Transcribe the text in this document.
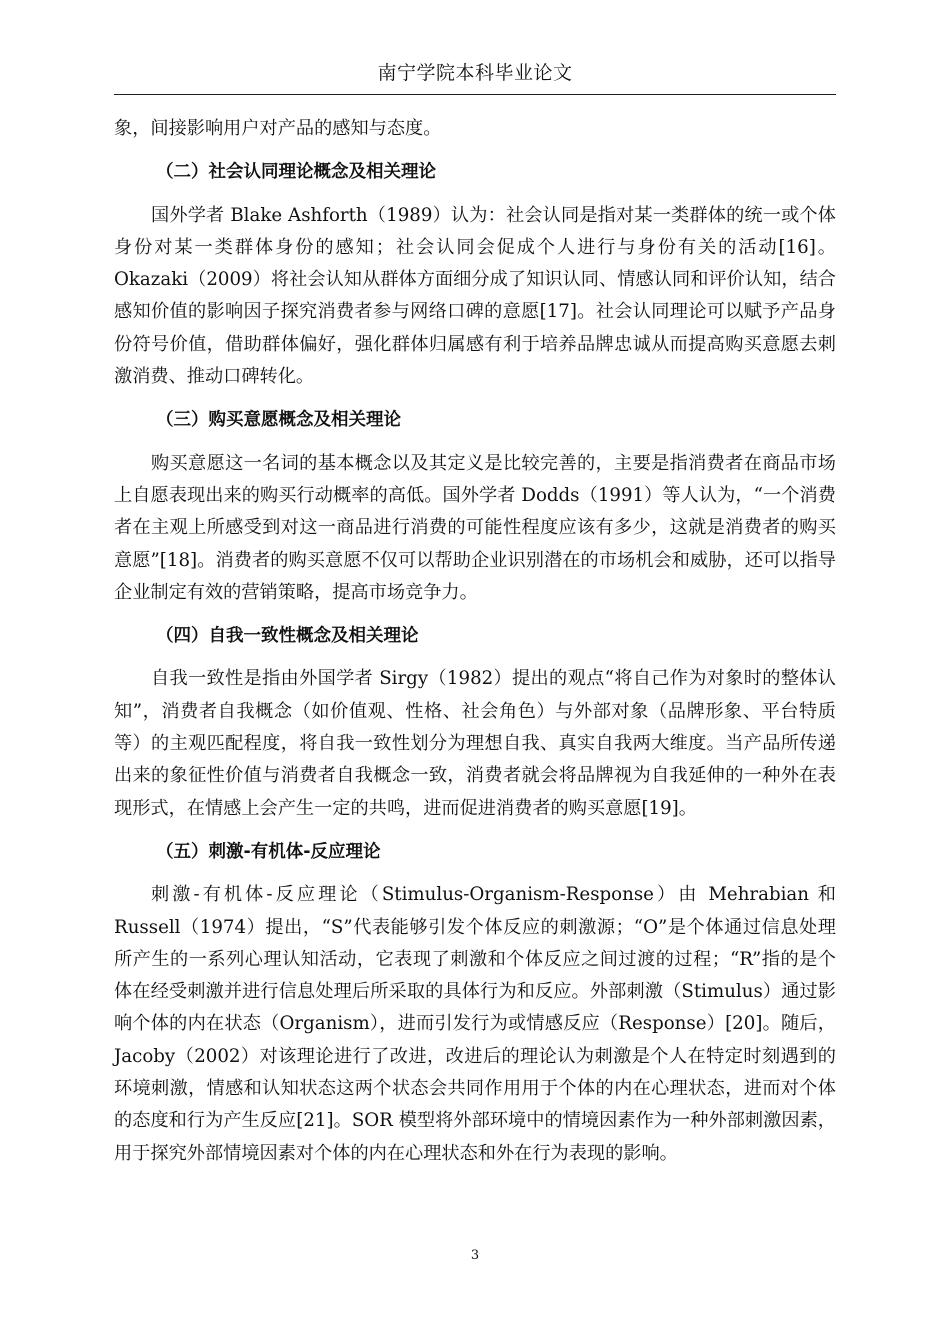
南宁学院本科毕业论文

象，间接影响用户对产品的感知与态度。

（二）社会认同理论概念及相关理论

国外学者 Blake Ashforth（1989）认为：社会认同是指对某一类群体的统一或个体身份对某一类群体身份的感知；社会认同会促成个人进行与身份有关的活动[16]。Okazaki（2009）将社会认知从群体方面细分成了知识认同、情感认同和评价认知，结合感知价值的影响因子探究消费者参与网络口碑的意愿[17]。社会认同理论可以赋予产品身份符号价值，借助群体偏好，强化群体归属感有利于培养品牌忠诚从而提高购买意愿去刺激消费、推动口碑转化。

（三）购买意愿概念及相关理论

购买意愿这一名词的基本概念以及其定义是比较完善的，主要是指消费者在商品市场上自愿表现出来的购买行动概率的高低。国外学者 Dodds（1991）等人认为，“一个消费者在主观上所感受到对这一商品进行消费的可能性程度应该有多少，这就是消费者的购买意愿”[18]。消费者的购买意愿不仅可以帮助企业识别潜在的市场机会和威胁，还可以指导企业制定有效的营销策略，提高市场竞争力。

（四）自我一致性概念及相关理论

自我一致性是指由外国学者 Sirgy（1982）提出的观点“将自己作为对象时的整体认知”，消费者自我概念（如价值观、性格、社会角色）与外部对象（品牌形象、平台特质等）的主观匹配程度，将自我一致性划分为理想自我、真实自我两大维度。当产品所传递出来的象征性价值与消费者自我概念一致，消费者就会将品牌视为自我延伸的一种外在表现形式，在情感上会产生一定的共鸣，进而促进消费者的购买意愿[19]。

（五）刺激-有机体-反应理论

刺激-有机体-反应理论（Stimulus-Organism-Response）由 Mehrabian 和 Russell（1974）提出，“S”代表能够引发个体反应的刺激源；“O”是个体通过信息处理所产生的一系列心理认知活动，它表现了刺激和个体反应之间过渡的过程；“R”指的是个体在经受刺激并进行信息处理后所采取的具体行为和反应。外部刺激（Stimulus）通过影响个体的内在状态（Organism），进而引发行为或情感反应（Response）[20]。随后，Jacoby（2002）对该理论进行了改进，改进后的理论认为刺激是个人在特定时刻遇到的环境刺激，情感和认知状态这两个状态会共同作用用于个体的内在心理状态，进而对个体的态度和行为产生反应[21]。SOR 模型将外部环境中的情境因素作为一种外部刺激因素，用于探究外部情境因素对个体的内在心理状态和外在行为表现的影响。

3
